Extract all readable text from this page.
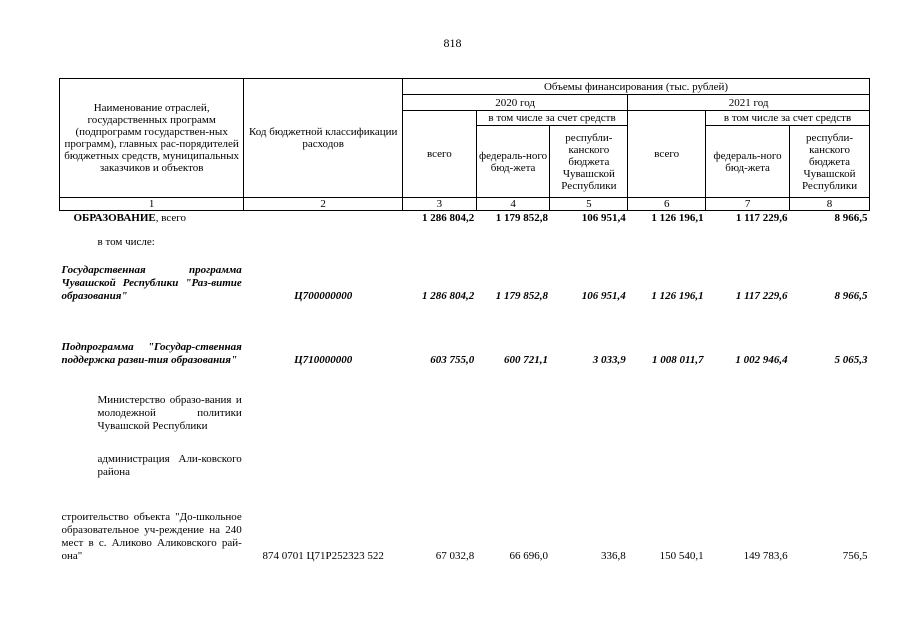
818
Наименование отраслей, государственных программ (подпрограмм государствен-ных программ), главных рас-порядителей бюджетных средств, муниципальных заказчиков и объектов	Код бюджетной классификации расходов	Объемы финансирования (тыс. рублей)					
		2020 год			2021 год		
		всего	в том числе за счет средств		всего	в том числе за счет средств	
			федераль-ного бюд-жета	республи-канского бюджета Чувашской Республики		федераль-ного бюд-жета	республи-канского бюджета Чувашской Республики
1	2	3	4	5	6	7	8
ОБРАЗОВАНИЕ, всего		1 286 804,2	1 179 852,8	106 951,4	1 126 196,1	1 117 229,6	8 966,5
в том числе:							
Государственная программа Чувашской Республики "Раз-витие образования"	Ц700000000	1 286 804,2	1 179 852,8	106 951,4	1 126 196,1	1 117 229,6	8 966,5
Подпрограмма "Государ-ственная поддержка разви-тия образования"	Ц710000000	603 755,0	600 721,1	3 033,9	1 008 011,7	1 002 946,4	5 065,3
Министерство образо-вания и молодежной политики Чувашской Республики							
администрация Али-ковского района							
строительство объекта "До-школьное образовательное уч-реждение на 240 мест в с. Аликово Аликовского рай-она"	874 0701 Ц71Р252323 522	67 032,8	66 696,0	336,8	150 540,1	149 783,6	756,5
